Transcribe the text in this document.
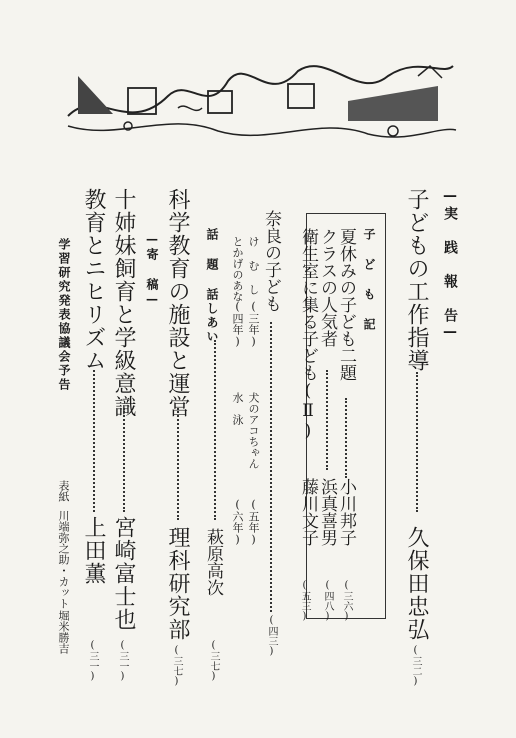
—実 践 報 告—
子どもの工作指導
久保田忠弘
(三二)
子 ど も 記
夏休みの子ども二題
小川邦子
(三六)
クラスの人気者
浜真喜男
(四八)
衛生室に集る子ども(Ⅱ)
藤川文子
(五三)
奈良の子ども
(四三)
け む し
(三年)
犬のアコちゃん
(五年)
とかげのあな
(四年)
水　泳
(六年)
話 題 話しあい
萩原高次
(三七)
科学教育の施設と運営
理科研究部
(三七)
—寄 稿—
十姉妹飼育と学級意識
宮崎富士也
(三一)
教育とニヒリズム
上田薫
(三一)
学習研究発表協議会予告
表紙
川端弥之助・カット
堀米勝吉
